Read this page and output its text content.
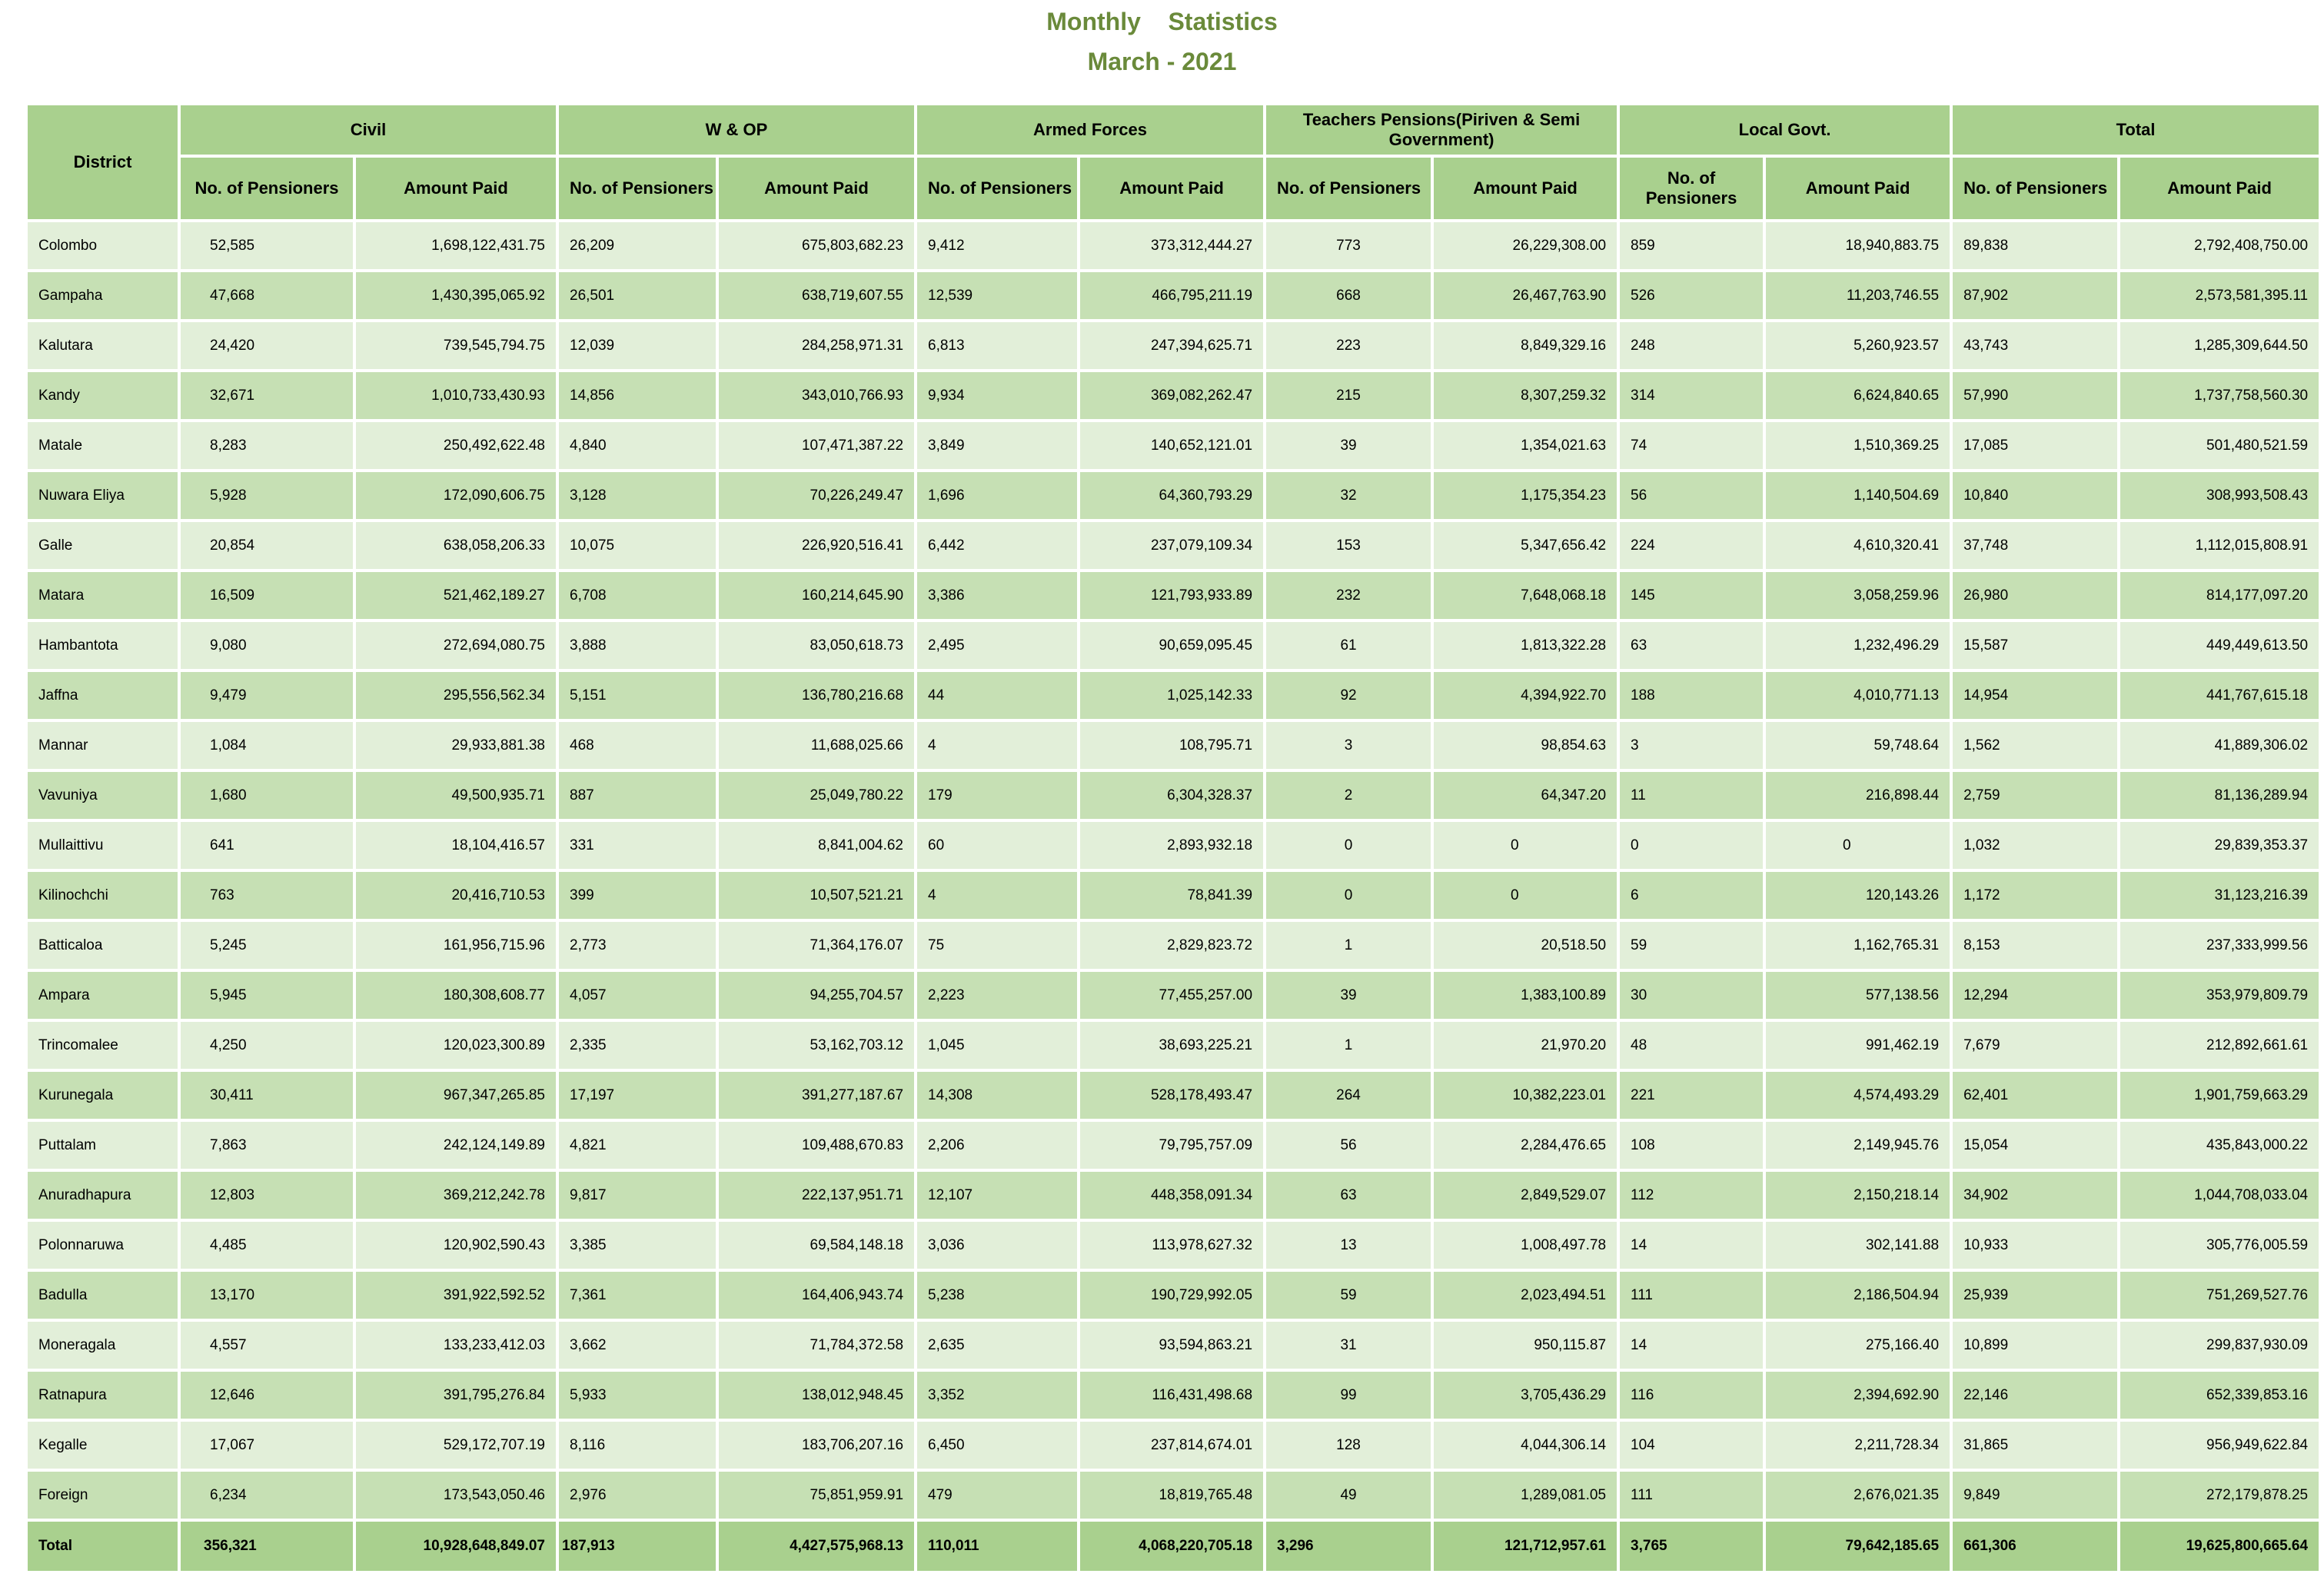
Monthly    Statistics
March - 2021
District	Civil		W & OP		Armed Forces		Teachers Pensions(Piriven & Semi Government)		Local Govt.		Total	
	No. of Pensioners	Amount Paid	No. of Pensioners	Amount Paid	No. of Pensioners	Amount Paid	No. of Pensioners	Amount Paid	No. of Pensioners	Amount Paid	No. of Pensioners	Amount Paid
Colombo	52,585	1,698,122,431.75	26,209	675,803,682.23	9,412	373,312,444.27	773	26,229,308.00	859	18,940,883.75	89,838	2,792,408,750.00
Gampaha	47,668	1,430,395,065.92	26,501	638,719,607.55	12,539	466,795,211.19	668	26,467,763.90	526	11,203,746.55	87,902	2,573,581,395.11
Kalutara	24,420	739,545,794.75	12,039	284,258,971.31	6,813	247,394,625.71	223	8,849,329.16	248	5,260,923.57	43,743	1,285,309,644.50
Kandy	32,671	1,010,733,430.93	14,856	343,010,766.93	9,934	369,082,262.47	215	8,307,259.32	314	6,624,840.65	57,990	1,737,758,560.30
Matale	8,283	250,492,622.48	4,840	107,471,387.22	3,849	140,652,121.01	39	1,354,021.63	74	1,510,369.25	17,085	501,480,521.59
Nuwara Eliya	5,928	172,090,606.75	3,128	70,226,249.47	1,696	64,360,793.29	32	1,175,354.23	56	1,140,504.69	10,840	308,993,508.43
Galle	20,854	638,058,206.33	10,075	226,920,516.41	6,442	237,079,109.34	153	5,347,656.42	224	4,610,320.41	37,748	1,112,015,808.91
Matara	16,509	521,462,189.27	6,708	160,214,645.90	3,386	121,793,933.89	232	7,648,068.18	145	3,058,259.96	26,980	814,177,097.20
Hambantota	9,080	272,694,080.75	3,888	83,050,618.73	2,495	90,659,095.45	61	1,813,322.28	63	1,232,496.29	15,587	449,449,613.50
Jaffna	9,479	295,556,562.34	5,151	136,780,216.68	44	1,025,142.33	92	4,394,922.70	188	4,010,771.13	14,954	441,767,615.18
Mannar	1,084	29,933,881.38	468	11,688,025.66	4	108,795.71	3	98,854.63	3	59,748.64	1,562	41,889,306.02
Vavuniya	1,680	49,500,935.71	887	25,049,780.22	179	6,304,328.37	2	64,347.20	11	216,898.44	2,759	81,136,289.94
Mullaittivu	641	18,104,416.57	331	8,841,004.62	60	2,893,932.18	0	0	0	0	1,032	29,839,353.37
Kilinochchi	763	20,416,710.53	399	10,507,521.21	4	78,841.39	0	0	6	120,143.26	1,172	31,123,216.39
Batticaloa	5,245	161,956,715.96	2,773	71,364,176.07	75	2,829,823.72	1	20,518.50	59	1,162,765.31	8,153	237,333,999.56
Ampara	5,945	180,308,608.77	4,057	94,255,704.57	2,223	77,455,257.00	39	1,383,100.89	30	577,138.56	12,294	353,979,809.79
Trincomalee	4,250	120,023,300.89	2,335	53,162,703.12	1,045	38,693,225.21	1	21,970.20	48	991,462.19	7,679	212,892,661.61
Kurunegala	30,411	967,347,265.85	17,197	391,277,187.67	14,308	528,178,493.47	264	10,382,223.01	221	4,574,493.29	62,401	1,901,759,663.29
Puttalam	7,863	242,124,149.89	4,821	109,488,670.83	2,206	79,795,757.09	56	2,284,476.65	108	2,149,945.76	15,054	435,843,000.22
Anuradhapura	12,803	369,212,242.78	9,817	222,137,951.71	12,107	448,358,091.34	63	2,849,529.07	112	2,150,218.14	34,902	1,044,708,033.04
Polonnaruwa	4,485	120,902,590.43	3,385	69,584,148.18	3,036	113,978,627.32	13	1,008,497.78	14	302,141.88	10,933	305,776,005.59
Badulla	13,170	391,922,592.52	7,361	164,406,943.74	5,238	190,729,992.05	59	2,023,494.51	111	2,186,504.94	25,939	751,269,527.76
Moneragala	4,557	133,233,412.03	3,662	71,784,372.58	2,635	93,594,863.21	31	950,115.87	14	275,166.40	10,899	299,837,930.09
Ratnapura	12,646	391,795,276.84	5,933	138,012,948.45	3,352	116,431,498.68	99	3,705,436.29	116	2,394,692.90	22,146	652,339,853.16
Kegalle	17,067	529,172,707.19	8,116	183,706,207.16	6,450	237,814,674.01	128	4,044,306.14	104	2,211,728.34	31,865	956,949,622.84
Foreign	6,234	173,543,050.46	2,976	75,851,959.91	479	18,819,765.48	49	1,289,081.05	111	2,676,021.35	9,849	272,179,878.25
Total	356,321	10,928,648,849.07	187,913	4,427,575,968.13	110,011	4,068,220,705.18	3,296	121,712,957.61	3,765	79,642,185.65	661,306	19,625,800,665.64
